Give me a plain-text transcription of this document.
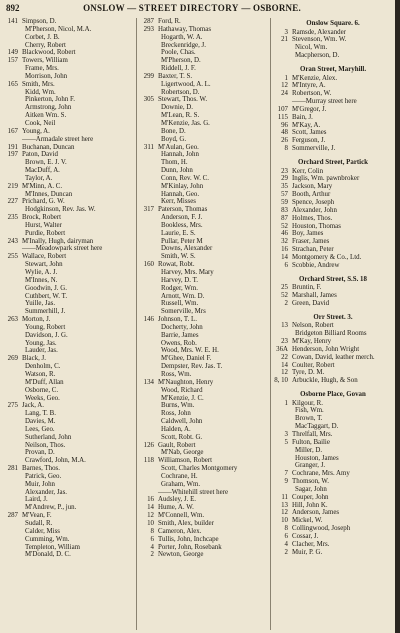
892	ONSLOW — STREET DIRECTORY — OSBORNE.
141 Simpson, D.
M'Pherson, Nicol, M.A.
Corbet, J. B.
Cherry, Robert
149 Blackwood, Robert
157 Towers, William
Frame, Mrs.
Morrison, John
165 Smith, Mrs.
Kidd, Wm.
Pinkerton, John F.
Armstrong, John
Aitken Wm. S.
Cook, Neil
167 Young, A.
——Armadale street here
191 Buchanan, Duncan
197 Paton, David
Brown, E. J. V.
MacDuff, A.
Taylor, A.
219 M'Minn, A. C.
M'Innes, Duncan
227 Prichard, G. W.
Hodgkinson, Rev. Jas. W.
235 Brock, Robert
Hurst, Walter
Purdie, Robert
243 M'Inally, Hugh, dairyman
——Meadowpark street here
255 Wallace, Robert
Stewart, John
Wylie, A. J.
M'Innes, N.
Goodwin, J. G.
Cuthbert, W. T.
Yuille, Jas.
Summerhill, J.
263 Morton, J.
Young, Robert
Davidson, J. G.
Young, Jas.
Lauder, Jas.
269 Black, J.
Denholm, C.
Watson, R.
M'Duff, Allan
Osborne, C.
Weeks, Geo.
275 Jack, A.
Lang, T. B.
Davies, M.
Lees, Geo.
Sutherland, John
Neilson, Thos.
Provan, D.
Crawford, John, M.A.
281 Barnes, Thos.
Patrick, Geo.
Muir, John
Alexander, Jas.
Laird, J.
M'Andrew, P., jun.
287 M'Vean, F.
Sudall, R.
Calder, Miss
Cumming, Wm.
Templeton, William
M'Donald, D. C.
287 Ford, R.
293 Hathaway, Thomas
Hogarth, W. A.
Breckenridge, J.
Poole, Chas.
M'Pherson, D.
Riddell, J. F.
299 Baxter, T. S.
Ligertwood, A. L.
Robertson, D.
305 Stewart, Thos. W.
Downie, D.
M'Lean, R. S.
M'Kenzie, Jas. G.
Bone, D.
Boyd, G.
311 M'Aulan, Geo.
Hannah, John
Thom, H.
Dunn, John
Conn, Rev. W. C.
M'Kinlay, John
Hannah, Geo.
Kerr, Misses
317 Paterson, Thomas
Anderson, F. J.
Bookless, Mrs.
Laurie, E. S.
Pullar, Peter M
Downs, Alexander
Smith, W. S.
160 Rowat, Robt.
Harvey, Mrs. Mary
Harvey, D. T.
Rodger, Wm.
Arnott, Wm. D.
Russell, Wm.
Somerville, Mrs
146 Johnson, T. L.
Docherty, John
Barrie, James
Owens, Rob.
Wood, Mrs. W. E. H.
M'Ghee, Daniel F.
Dempster, Rev. Jas. T.
Ross, Wm.
134 M'Naughton, Henry
Wood, Richard
M'Kenzie, J. C.
Burns, Wm.
Ross, John
Caldwell, John
Halden, A.
Scott, Robt. G.
126 Gault, Robert
M'Nab, George
118 Williamson, Robert
Scott, Charles Montgomery
Cochrane, H.
Graham, Wm.
——Whitehill street here
16 Audsley, J. E.
14 Hume, A. W.
12 M'Connell, Wm.
10 Smith, Alex, builder
8 Cameron, Alex.
6 Tullis, John, Inchcape
4 Porter, John, Rosebank
2 Newton, George
Onslow Square. 6.
3 Ramsde, Alexander
21 Stevenson, Wm. W.
Nicol, Wm.
Macpherson, D.
Oran Street, Maryhill.
1 M'Kenzie, Alex.
12 M'Intyre, A.
24 Robertson, W.
——Murray street here
107 M'Gregor, J.
115 Bain, J.
96 M'Kay, A.
48 Scott, James
26 Ferguson, J.
8 Sommerville, J.
Orchard Street, Partick
23 Kerr, Colin
29 Inglis, Wm. pawnbroker
35 Jackson, Mary
57 Booth, Arthur
59 Spence, Joseph
83 Alexander, John
87 Holmes, Thos.
52 Houston, Thomas
46 Boy, James
32 Fraser, James
16 Strachan, Peter
14 Montgomery & Co., Ltd.
6 Scobbie, Andrew
Orchard Street, S.S. 18
25 Bruntin, F.
52 Marshall, James
2 Green, David
Orr Street. 3.
13 Nelson, Robert
Bridgeton Billiard Rooms
23 M'Kay, Henry
36A Henderson, John Wright
22 Cowan, David, leather merch.
14 Coulter, Robert
12 Tyre, D. M.
8, 10 Arbuckle, Hugh, & Son
Osborne Place, Govan
1 Kilgour, R.
Fish, Wm.
Brown, T.
MacTaggart, D.
3 Threlfall, Mrs.
5 Fulton, Bailie
Miller, D.
Houston, James
Granger, J.
7 Cochrane, Mrs. Amy
9 Thomson, W.
Sagar, John
11 Couper, John
13 Hill, John K.
12 Anderson, James
10 Mickel, W.
8 Collingwood, Joseph
6 Cossar, J.
4 Clacher, Mrs.
2 Muir, P. G.
